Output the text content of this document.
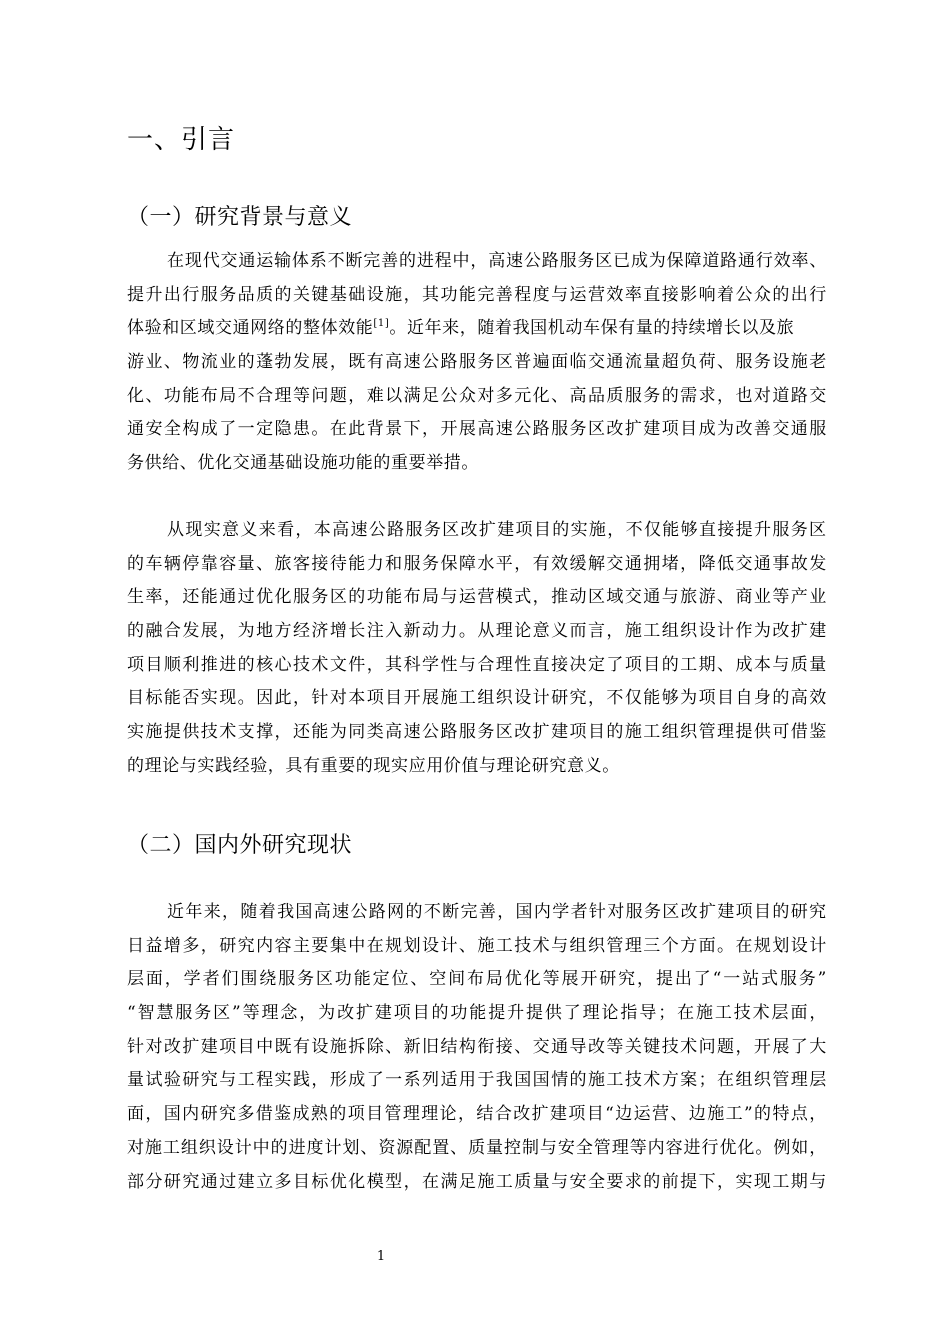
一、引言
（一）研究背景与意义
在 现 代 交 通 运 输 体 系 不 断 完 善 的 进 程 中 ， 高 速 公 路 服 务 区 已 成 为 保 障 道 路 通 行 效 率 、
提 升 出 行 服 务 品 质 的 关 键 基 础 设 施 ， 其 功 能 完 善 程 度 与 运 营 效 率 直 接 影 响 着 公 众 的 出 行
体验和区域交通网络的整体效能[1]。近年来，随着我国机动车保有量的持续增长以及旅
游 业 、 物 流 业 的 蓬 勃 发 展 ， 既 有 高 速 公 路 服 务 区 普 遍 面 临 交 通 流 量 超 负 荷 、 服 务 设 施 老
化 、 功 能 布 局 不 合 理 等 问 题 ， 难 以 满 足 公 众 对 多 元 化 、 高 品 质 服 务 的 需 求 ， 也 对 道 路 交
通 安 全 构 成 了 一 定 隐 患 。 在 此 背 景 下 ， 开 展 高 速 公 路 服 务 区 改 扩 建 项 目 成 为 改 善 交 通 服
务供给、优化交通基础设施功能的重要举措。
从 现 实 意 义 来 看 ， 本 高 速 公 路 服 务 区 改 扩 建 项 目 的 实 施 ， 不 仅 能 够 直 接 提 升 服 务 区
的 车 辆 停 靠 容 量 、 旅 客 接 待 能 力 和 服 务 保 障 水 平 ， 有 效 缓 解 交 通 拥 堵 ， 降 低 交 通 事 故 发
生 率 ， 还 能 通 过 优 化 服 务 区 的 功 能 布 局 与 运 营 模 式 ， 推 动 区 域 交 通 与 旅 游 、 商 业 等 产 业
的 融 合 发 展 ， 为 地 方 经 济 增 长 注 入 新 动 力 。 从 理 论 意 义 而 言 ， 施 工 组 织 设 计 作 为 改 扩 建
项 目 顺 利 推 进 的 核 心 技 术 文 件 ， 其 科 学 性 与 合 理 性 直 接 决 定 了 项 目 的 工 期 、 成 本 与 质 量
目 标 能 否 实 现 。 因 此 ， 针 对 本 项 目 开 展 施 工 组 织 设 计 研 究 ， 不 仅 能 够 为 项 目 自 身 的 高 效
实 施 提 供 技 术 支 撑 ， 还 能 为 同 类 高 速 公 路 服 务 区 改 扩 建 项 目 的 施 工 组 织 管 理 提 供 可 借 鉴
的理论与实践经验，具有重要的现实应用价值与理论研究意义。
（二）国内外研究现状
近 年 来 ， 随 着 我 国 高 速 公 路 网 的 不 断 完 善 ， 国 内 学 者 针 对 服 务 区 改 扩 建 项 目 的 研 究
日 益 增 多 ， 研 究 内 容 主 要 集 中 在 规 划 设 计 、 施 工 技 术 与 组 织 管 理 三 个 方 面 。 在 规 划 设 计
层 面 ， 学 者 们 围 绕 服 务 区 功 能 定 位 、 空 间 布 局 优 化 等 展 开 研 究 ， 提 出 了 “ 一 站 式 服 务 ”
“ 智 慧 服 务 区 ” 等 理 念 ， 为 改 扩 建 项 目 的 功 能 提 升 提 供 了 理 论 指 导 ； 在 施 工 技 术 层 面 ，
针 对 改 扩 建 项 目 中 既 有 设 施 拆 除 、 新 旧 结 构 衔 接 、 交 通 导 改 等 关 键 技 术 问 题 ， 开 展 了 大
量 试 验 研 究 与 工 程 实 践 ， 形 成 了 一 系 列 适 用 于 我 国 国 情 的 施 工 技 术 方 案 ； 在 组 织 管 理 层
面 ， 国 内 研 究 多 借 鉴 成 熟 的 项 目 管 理 理 论 ， 结 合 改 扩 建 项 目 “ 边 运 营 、 边 施 工 ” 的 特 点 ，
对 施 工 组 织 设 计 中 的 进 度 计 划 、 资 源 配 置 、 质 量 控 制 与 安 全 管 理 等 内 容 进 行 优 化 。 例 如 ，
部 分 研 究 通 过 建 立 多 目 标 优 化 模 型 ， 在 满 足 施 工 质 量 与 安 全 要 求 的 前 提 下 ， 实 现 工 期 与
1
